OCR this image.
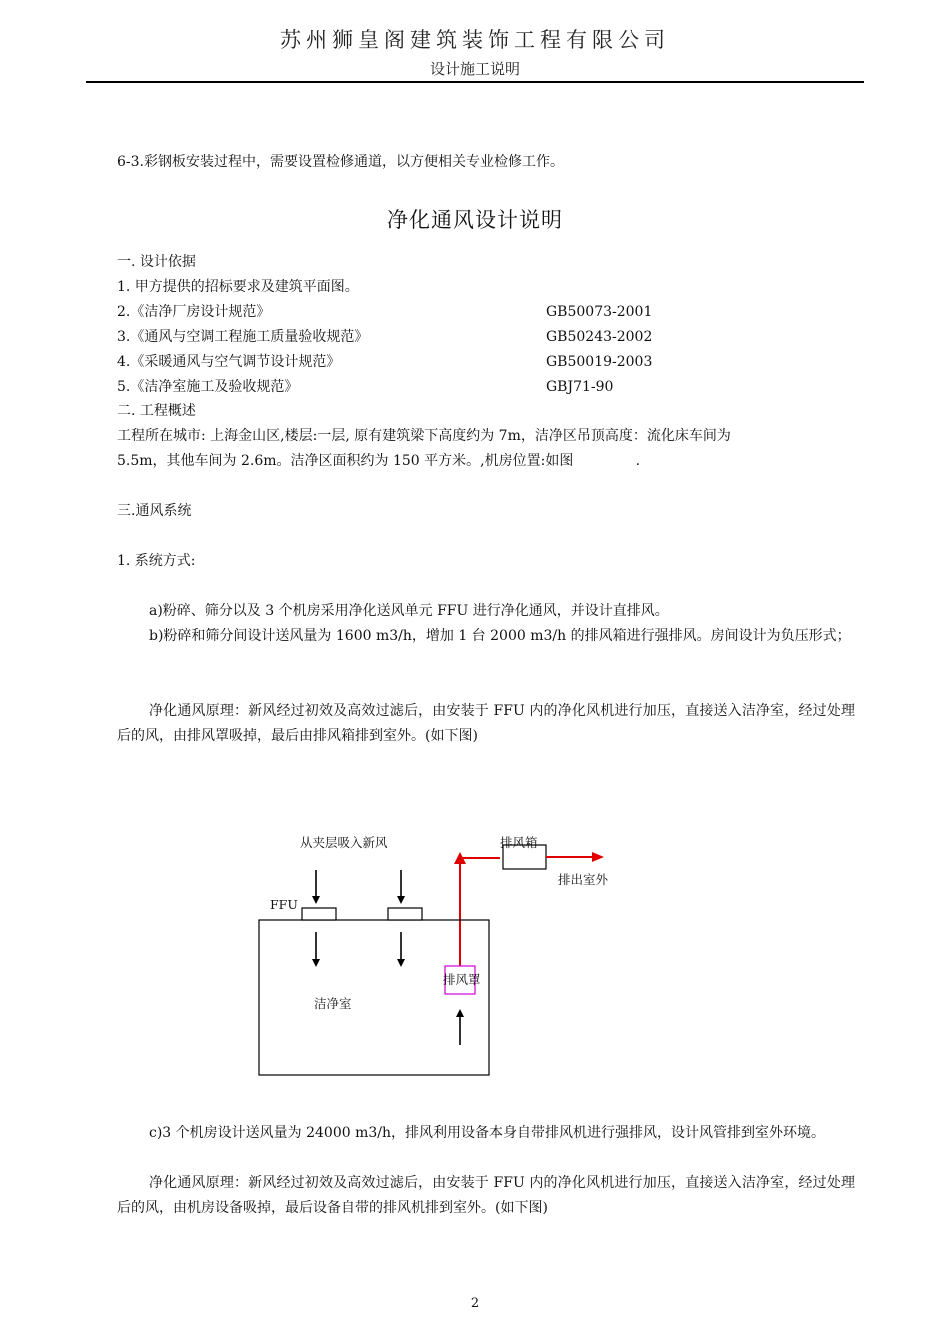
苏州狮皇阁建筑装饰工程有限公司
设计施工说明
6-3.彩钢板安装过程中，需要设置检修通道，以方便相关专业检修工作。
净化通风设计说明
一. 设计依据
1. 甲方提供的招标要求及建筑平面图。
2.《洁净厂房设计规范》	GB50073-2001
3.《通风与空调工程施工质量验收规范》	GB50243-2002
4.《采暖通风与空气调节设计规范》	GB50019-2003
5.《洁净室施工及验收规范》	GBJ71-90
二. 工程概述
工程所在城市: 上海金山区,楼层:一层, 原有建筑梁下高度约为 7m，洁净区吊顶高度：流化床车间为
5.5m，其他车间为 2.6m。洁净区面积约为 150 平方米。,机房位置:如图              .
三.通风系统
1. 系统方式:
a)粉碎、筛分以及 3 个机房采用净化送风单元 FFU 进行净化通风，并设计直排风。
b)粉碎和筛分间设计送风量为 1600 m3/h，增加 1 台 2000 m3/h 的排风箱进行强排风。房间设计为负压形式；
净化通风原理：新风经过初效及高效过滤后，由安装于 FFU 内的净化风机进行加压，直接送入洁净室，经过处理后的风，由排风罩吸掉，最后由排风箱排到室外。(如下图)
从夹层吸入新风	排风箱
排出室外
FFU
洁净室
排风罩
c)3 个机房设计送风量为 24000 m3/h，排风利用设备本身自带排风机进行强排风，设计风管排到室外环境。
净化通风原理：新风经过初效及高效过滤后，由安装于 FFU 内的净化风机进行加压，直接送入洁净室，经过处理后的风，由机房设备吸掉，最后设备自带的排风机排到室外。(如下图)
2
